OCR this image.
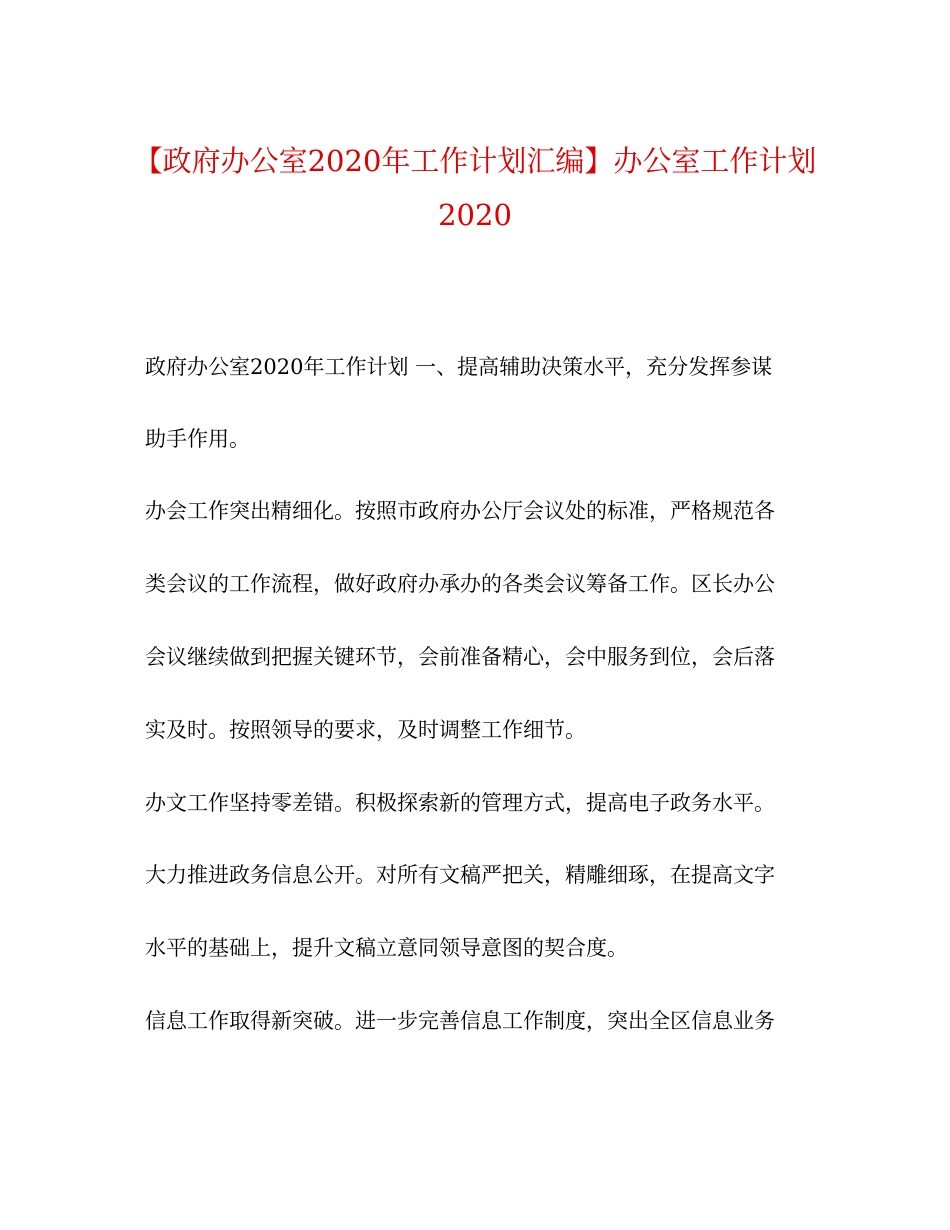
【政府办公室2020年工作计划汇编】办公室工作计划
2020

政府办公室2020年工作计划 一、提高辅助决策水平，充分发挥参谋

助手作用。

办会工作突出精细化。按照市政府办公厅会议处的标准，严格规范各

类会议的工作流程，做好政府办承办的各类会议筹备工作。区长办公

会议继续做到把握关键环节，会前准备精心，会中服务到位，会后落

实及时。按照领导的要求，及时调整工作细节。

办文工作坚持零差错。积极探索新的管理方式，提高电子政务水平。

大力推进政务信息公开。对所有文稿严把关，精雕细琢，在提高文字

水平的基础上，提升文稿立意同领导意图的契合度。

信息工作取得新突破。进一步完善信息工作制度，突出全区信息业务
